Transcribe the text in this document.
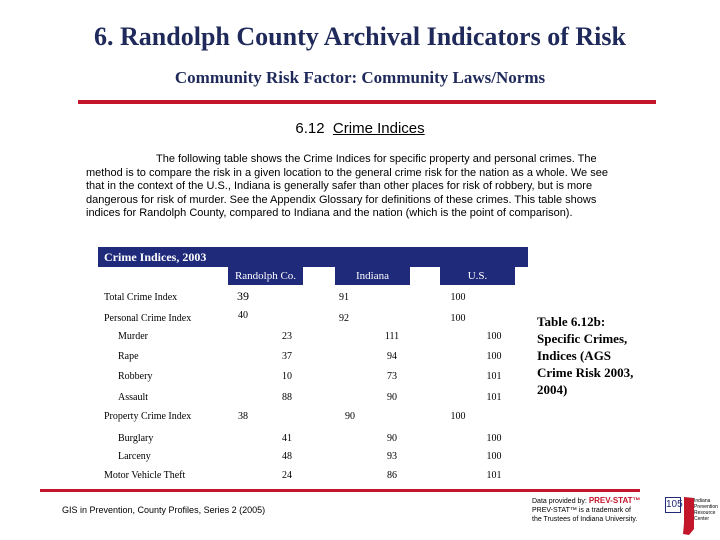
6. Randolph County Archival Indicators of Risk
Community Risk Factor: Community Laws/Norms
6.12 Crime Indices
The following table shows the Crime Indices for specific property and personal crimes. The method is to compare the risk in a given location to the general crime risk for the nation as a whole. We see that in the context of the U.S., Indiana is generally safer than other places for risk of robbery, but is more dangerous for risk of murder. See the Appendix Glossary for definitions of these crimes. This table shows indices for Randolph County, compared to Indiana and the nation (which is the point of comparison).
Crime Indices, 2003
Randolph Co.	Indiana	U.S.
Total Crime Index	39	91	100
Personal Crime Index	40	92	100
Murder	23	111	100
Rape	37	94	100
Robbery	10	73	101
Assault	88	90	101
Property Crime Index	38	90	100
Burglary	41	90	100
Larceny	48	93	100
Motor Vehicle Theft	24	86	101
Table 6.12b: Specific Crimes, Indices (AGS Crime Risk 2003, 2004)
GIS in Prevention, County Profiles, Series 2 (2005)
Data provided by: PREV-STAT™
PREV-STAT™ is a trademark of
the Trustees of Indiana University.
105 Indiana Prevention Resource Center
